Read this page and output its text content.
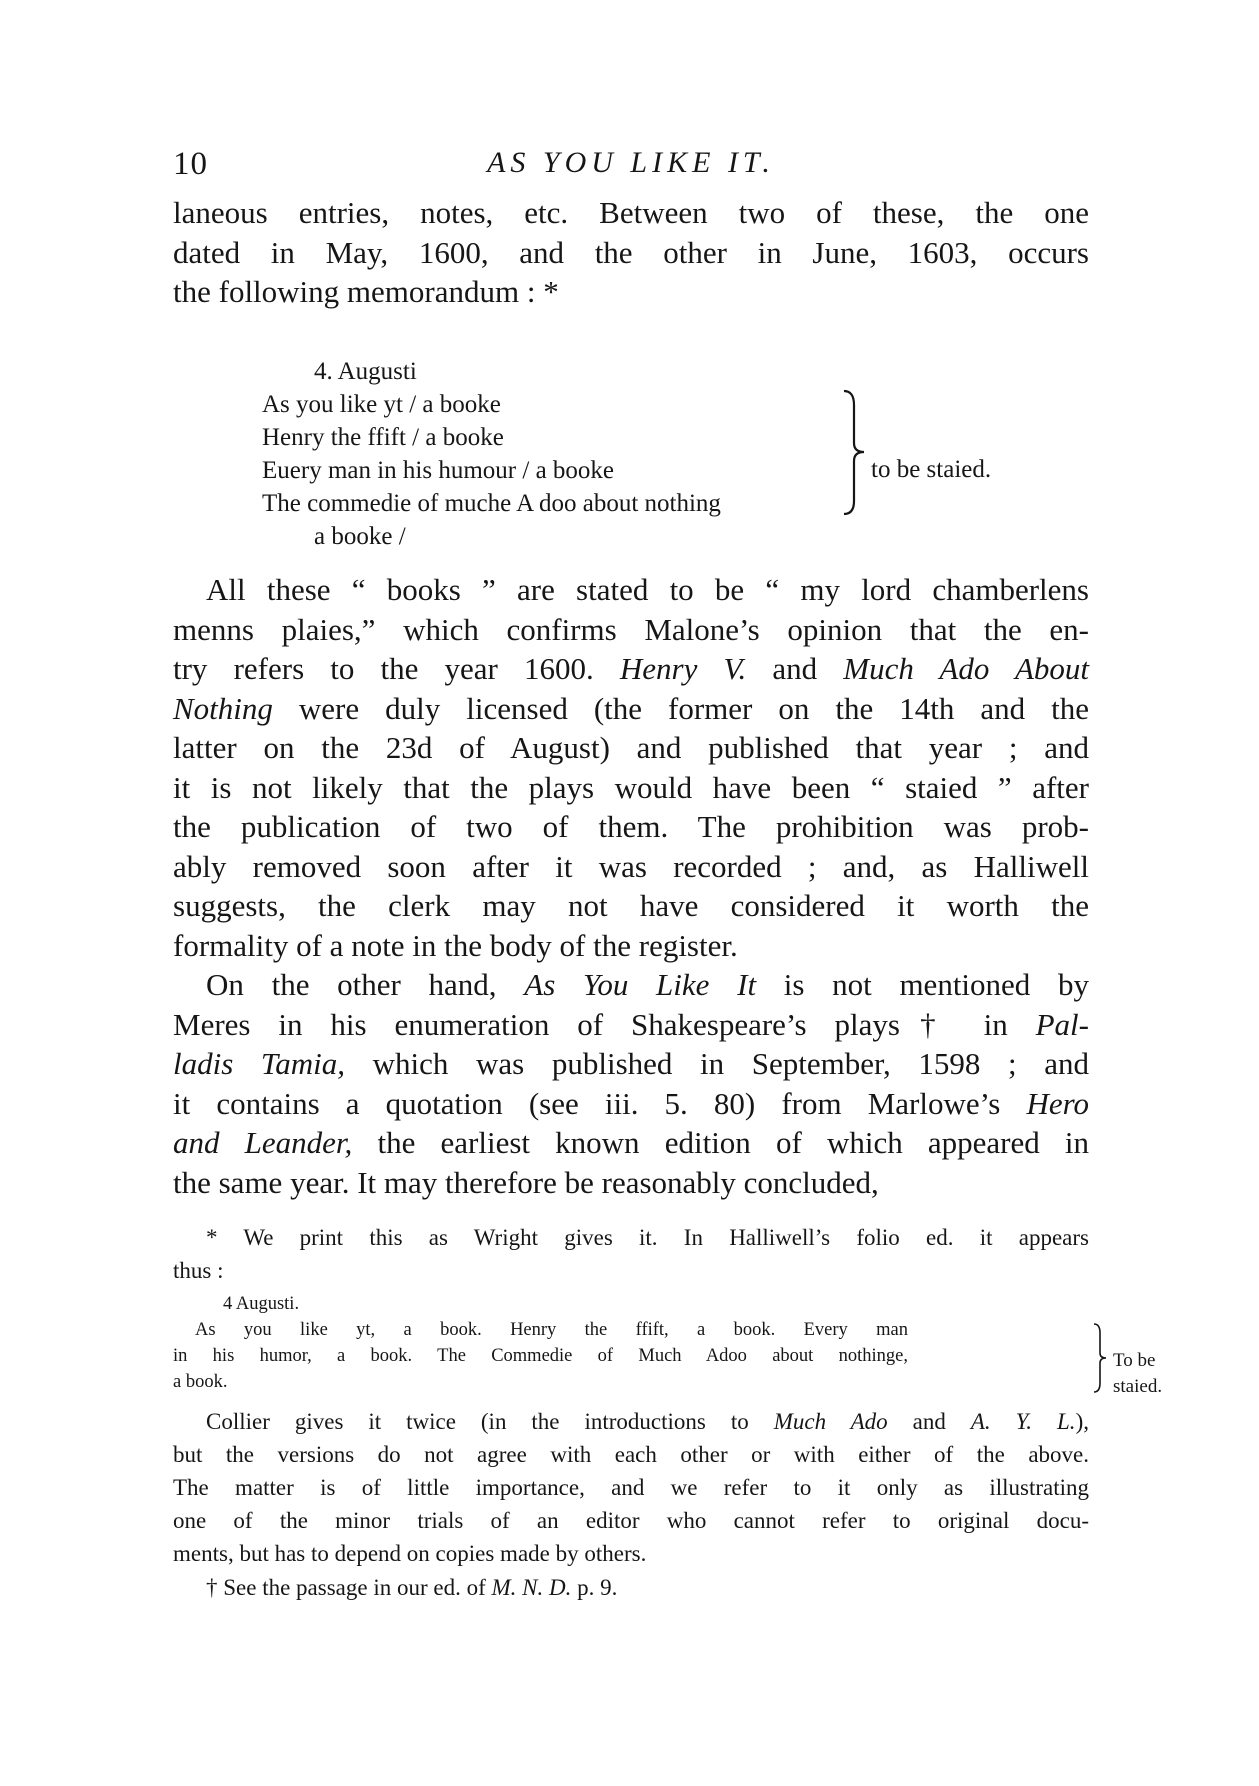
10	AS YOU LIKE IT.
laneous entries, notes, etc. Between two of these, the one
dated in May, 1600, and the other in June, 1603, occurs
the following memorandum : *
4. Augusti
As you like yt / a booke
Henry the ffift / a booke
Euery man in his humour / a booke
The commedie of muche A doo about nothing
a booke /
to be staied.
All these “ books ” are stated to be “ my lord chamberlens
menns plaies,” which confirms Malone’s opinion that the en-
try refers to the year 1600. Henry V. and Much Ado About
Nothing were duly licensed (the former on the 14th and the
latter on the 23d of August) and published that year ; and
it is not likely that the plays would have been “ staied ” after
the publication of two of them. The prohibition was prob-
ably removed soon after it was recorded ; and, as Halliwell
suggests, the clerk may not have considered it worth the
formality of a note in the body of the register.
On the other hand, As You Like It is not mentioned by
Meres in his enumeration of Shakespeare’s plays† in Pal-
ladis Tamia, which was published in September, 1598 ; and
it contains a quotation (see iii. 5. 80) from Marlowe’s Hero
and Leander, the earliest known edition of which appeared in
the same year. It may therefore be reasonably concluded,
* We print this as Wright gives it. In Halliwell’s folio ed. it appears
thus :
4 Augusti.
As you like yt, a book. Henry the ffift, a book. Every man
in his humor, a book. The Commedie of Much Adoo about nothinge,
a book.
To be staied.
Collier gives it twice (in the introductions to Much Ado and A. Y. L.),
but the versions do not agree with each other or with either of the above.
The matter is of little importance, and we refer to it only as illustrating
one of the minor trials of an editor who cannot refer to original docu-
ments, but has to depend on copies made by others.
† See the passage in our ed. of M. N. D. p. 9.
